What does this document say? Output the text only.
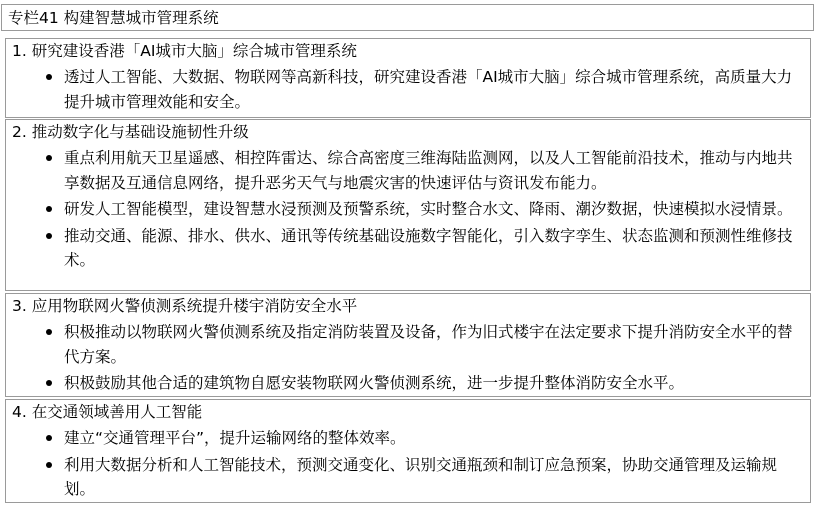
专栏41 构建智慧城市管理系统
1. 研究建设香港「AI城市大脑」综合城市管理系统
透过人工智能、大数据、物联网等高新科技，研究建设香港「AI城市大脑」综合城市管理系统，高质量大力提升城市管理效能和安全。
2. 推动数字化与基础设施韧性升级
重点利用航天卫星遥感、相控阵雷达、综合高密度三维海陆监测网，以及人工智能前沿技术，推动与内地共享数据及互通信息网络，提升恶劣天气与地震灾害的快速评估与资讯发布能力。
研发人工智能模型，建设智慧水浸预测及预警系统，实时整合水文、降雨、潮汐数据，快速模拟水浸情景。
推动交通、能源、排水、供水、通讯等传统基础设施数字智能化，引入数字孪生、状态监测和预测性维修技术。
3. 应用物联网火警侦测系统提升楼宇消防安全水平
积极推动以物联网火警侦测系统及指定消防装置及设备，作为旧式楼宇在法定要求下提升消防安全水平的替代方案。
积极鼓励其他合适的建筑物自愿安装物联网火警侦测系统，进一步提升整体消防安全水平。
4. 在交通领域善用人工智能
建立“交通管理平台”，提升运输网络的整体效率。
利用大数据分析和人工智能技术，预测交通变化、识别交通瓶颈和制订应急预案，协助交通管理及运输规划。
